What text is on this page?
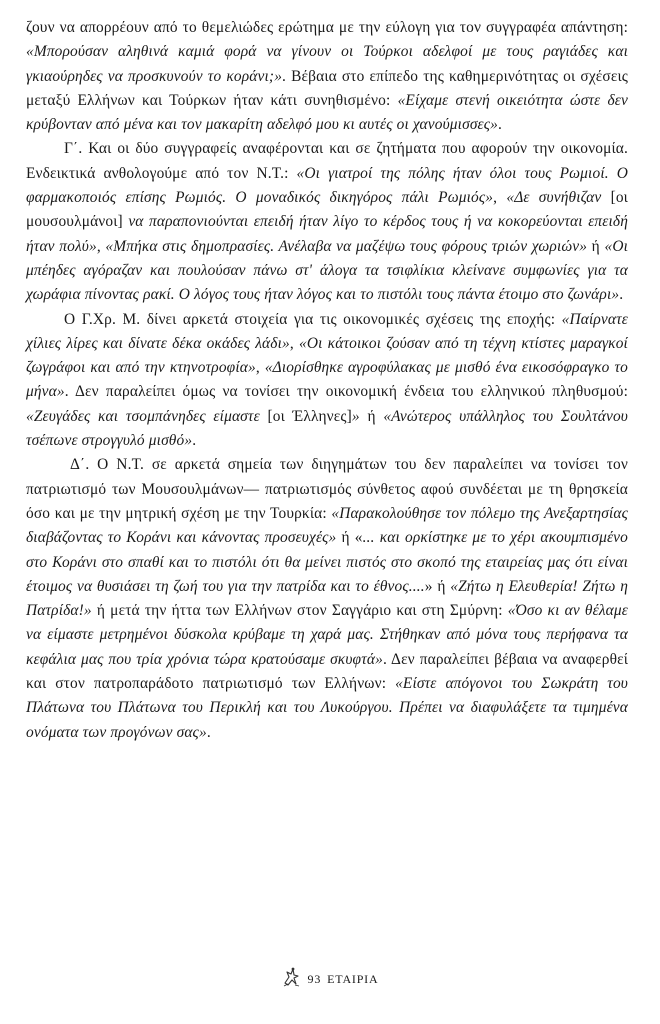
ζουν να απορρέουν από το θεμελιώδες ερώτημα με την εύλογη για τον συγγραφέα απάντηση: «Μπορούσαν αληθινά καμιά φορά να γίνουν οι Τούρκοι αδελφοί με τους ραγιάδες και γκιαούρηδες να προσκυνούν το κοράνι;». Βέβαια στο επίπεδο της καθημερινότητας οι σχέσεις μεταξύ Ελλήνων και Τούρκων ήταν κάτι συνηθισμένο: «Είχαμε στενή οικειότητα ώστε δεν κρύβονταν από μένα και τον μακαρίτη αδελφό μου κι αυτές οι χανούμισσες».

Γ΄. Και οι δύο συγγραφείς αναφέρονται και σε ζητήματα που αφορούν την οικονομία. Ενδεικτικά ανθολογούμε από τον Ν.Τ.: «Οι γιατροί της πόλης ήταν όλοι τους Ρωμιοί. Ο φαρμακοποιός επίσης Ρωμιός. Ο μοναδικός δικηγόρος πάλι Ρωμιός», «Δε συνήθιζαν [οι μουσουλμάνοι] να παραπονιούνται επειδή ήταν λίγο το κέρδος τους ή να κοκορεύονται επειδή ήταν πολύ», «Μπήκα στις δημοπρασίες. Ανέλαβα να μαζέψω τους φόρους τριών χωριών» ή «Οι μπέηδες αγόραζαν και πουλούσαν πάνω στ' άλογα τα τσιφλίκια κλείνανε συμφωνίες για τα χωράφια πίνοντας ρακί. Ο λόγος τους ήταν λόγος και το πιστόλι τους πάντα έτοιμο στο ζωνάρι».

Ο Γ.Χρ. Μ. δίνει αρκετά στοιχεία για τις οικονομικές σχέσεις της εποχής: «Παίρνατε χίλιες λίρες και δίνατε δέκα οκάδες λάδι», «Οι κάτοικοι ζούσαν από τη τέχνη κτίστες μαραγκοί ζωγράφοι και από την κτηνοτροφία», «Διορίσθηκε αγροφύλακας με μισθό ένα εικοσόφραγκο το μήνα». Δεν παραλείπει όμως να τονίσει την οικονομική ένδεια του ελληνικού πληθυσμού: «Ζευγάδες και τσομπάνηδες είμαστε [οι Έλληνες]» ή «Ανώτερος υπάλληλος του Σουλτάνου τσέπωνε στρογγυλό μισθό».

Δ΄. Ο Ν.Τ. σε αρκετά σημεία των διηγημάτων του δεν παραλείπει να τονίσει τον πατριωτισμό των Μουσουλμάνων— πατριωτισμός σύνθετος αφού συνδέεται με τη θρησκεία όσο και με την μητρική σχέση με την Τουρκία: «Παρακολούθησε τον πόλεμο της Ανεξαρτησίας διαβάζοντας το Κοράνι και κάνοντας προσευχές» ή «... και ορκίστηκε με το χέρι ακουμπισμένο στο Κοράνι στο σπαθί και το πιστόλι ότι θα μείνει πιστός στο σκοπό της εταιρείας μας ότι είναι έτοιμος να θυσιάσει τη ζωή του για την πατρίδα και το έθνος....» ή «Ζήτω η Ελευθερία! Ζήτω η Πατρίδα!» ή μετά την ήττα των Ελλήνων στον Σαγγάριο και στη Σμύρνη: «Όσο κι αν θέλαμε να είμαστε μετρημένοι δύσκολα κρύβαμε τη χαρά μας. Στήθηκαν από μόνα τους περήφανα τα κεφάλια μας που τρία χρόνια τώρα κρατούσαμε σκυφτά». Δεν παραλείπει βέβαια να αναφερθεί και στον πατροπαράδοτο πατριωτισμό των Ελλήνων: «Είστε απόγονοι του Σωκράτη του Πλάτωνα του Πλάτωνα του Περικλή και του Λυκούργου. Πρέπει να διαφυλάξετε τα τιμημένα ονόματα των προγόνων σας».

93 ΕΤΑΙΡΙΑ
